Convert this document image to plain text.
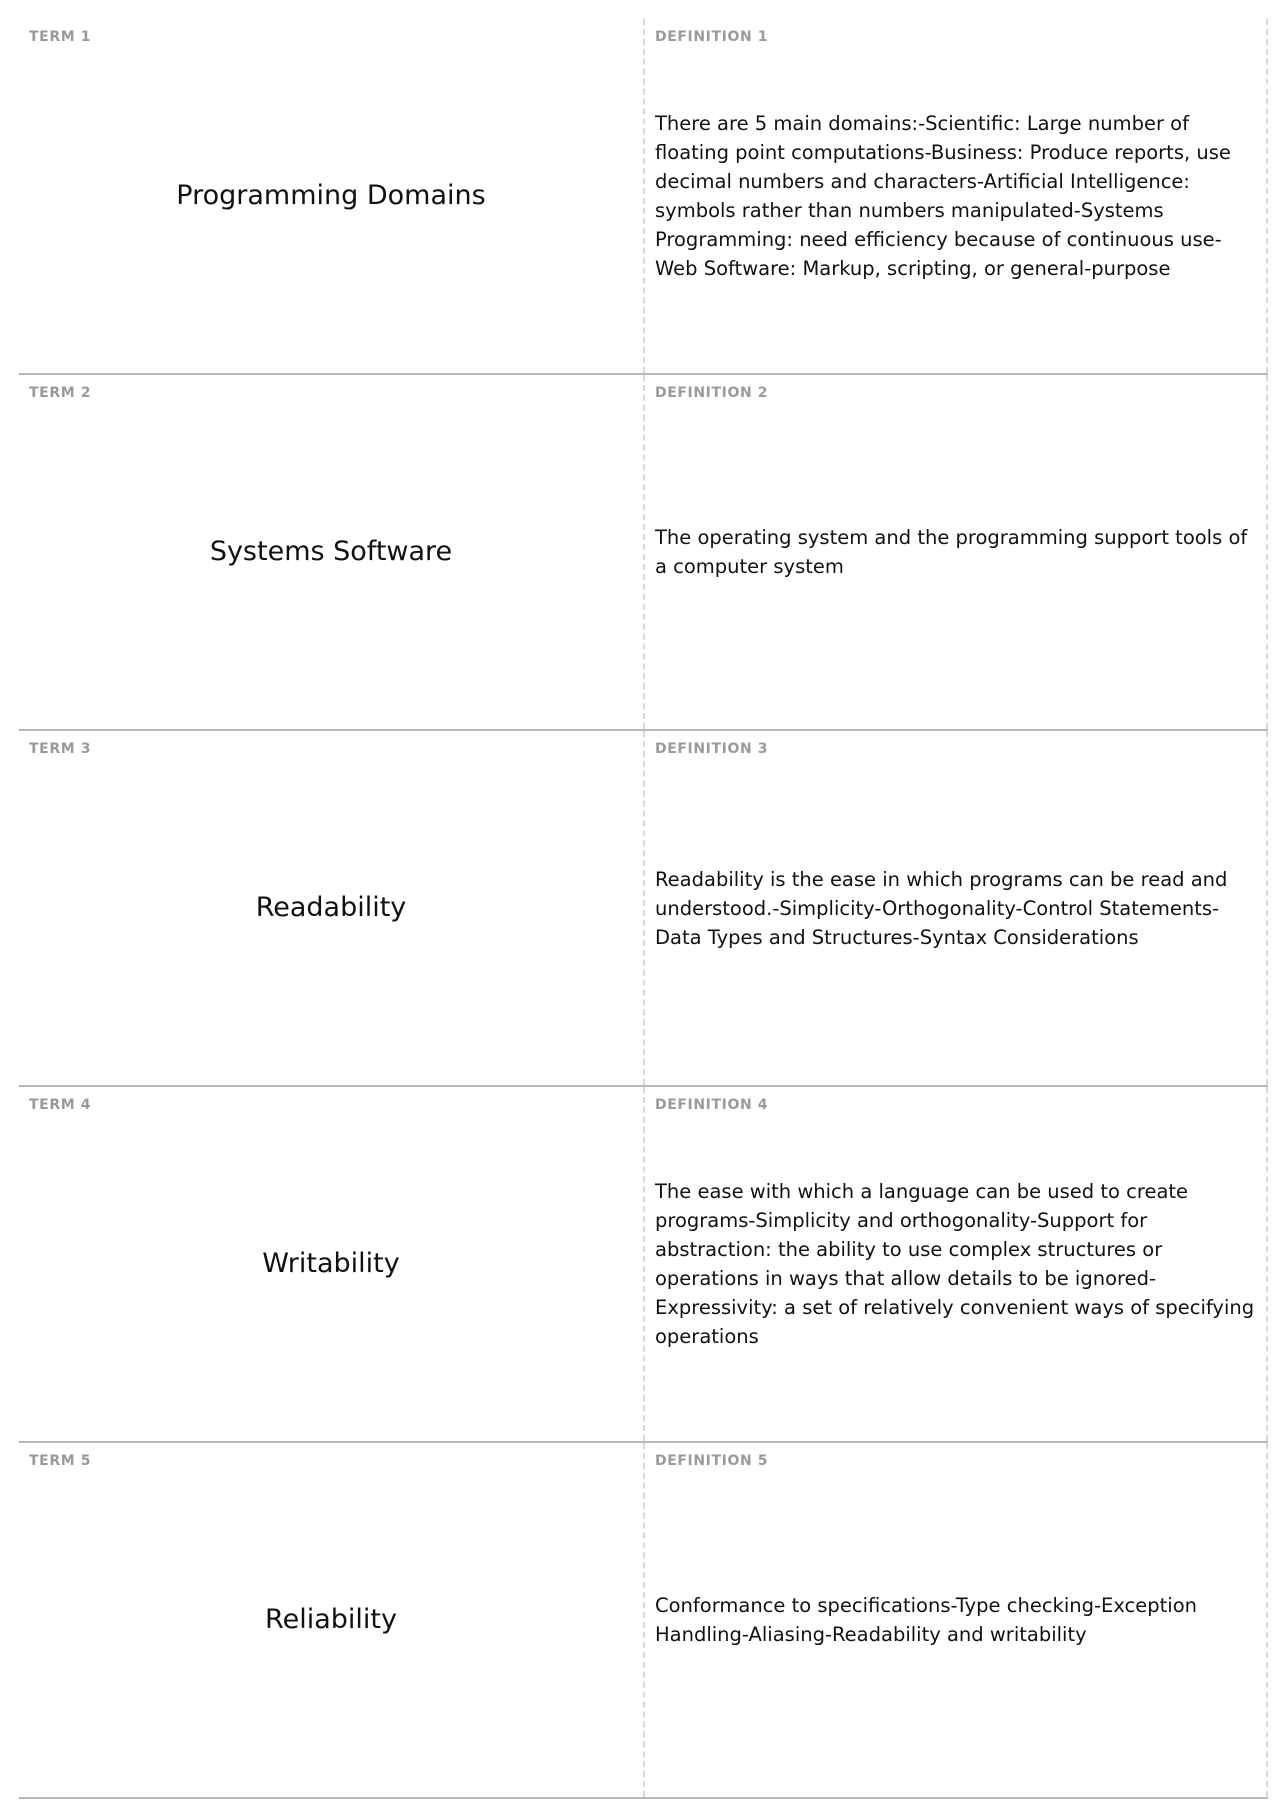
TERM 1
Programming Domains
DEFINITION 1
There are 5 main domains:-Scientific: Large number of floating point computations-Business: Produce reports, use decimal numbers and characters-Artificial Intelligence: symbols rather than numbers manipulated-Systems Programming: need efficiency because of continuous use-Web Software: Markup, scripting, or general-purpose
TERM 2
Systems Software
DEFINITION 2
The operating system and the programming support tools of a computer system
TERM 3
Readability
DEFINITION 3
Readability is the ease in which programs can be read and understood.-Simplicity-Orthogonality-Control Statements-Data Types and Structures-Syntax Considerations
TERM 4
Writability
DEFINITION 4
The ease with which a language can be used to create programs-Simplicity and orthogonality-Support for abstraction: the ability to use complex structures or operations in ways that allow details to be ignored-Expressivity: a set of relatively convenient ways of specifying operations
TERM 5
Reliability
DEFINITION 5
Conformance to specifications-Type checking-Exception Handling-Aliasing-Readability and writability
